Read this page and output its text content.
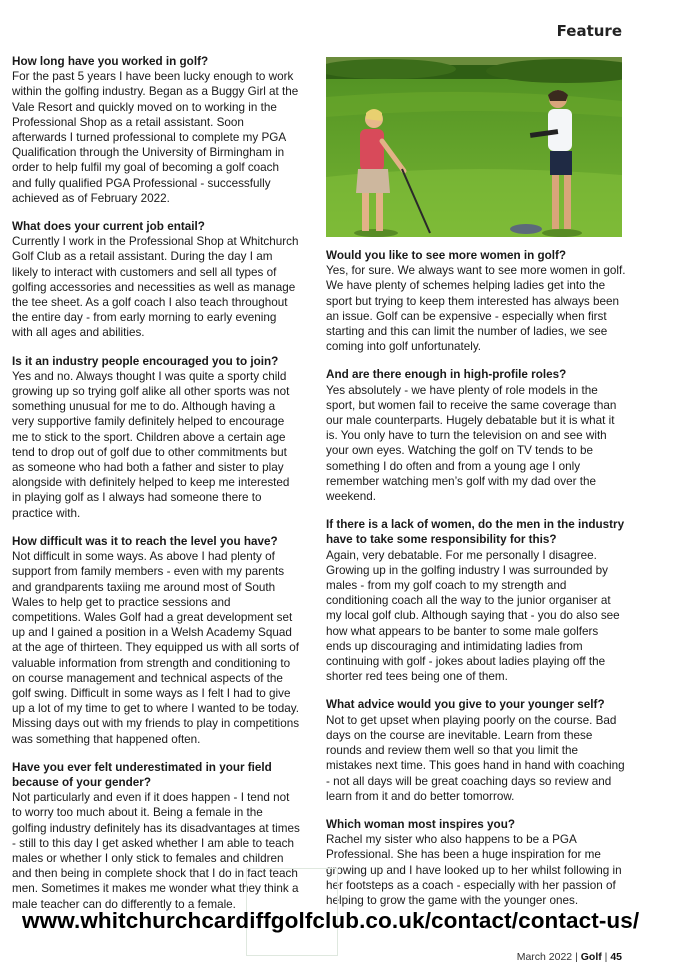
Feature

How long have you worked in golf?

For the past 5 years I have been lucky enough to work within the golfing industry. Began as a Buggy Girl at the Vale Resort and quickly moved on to working in the Professional Shop as a retail assistant. Soon afterwards I turned professional to complete my PGA Qualification through the University of Birmingham in order to help fulfil my goal of becoming a golf coach and fully qualified PGA Professional - successfully achieved as of February 2022.

What does your current job entail?

Currently I work in the Professional Shop at Whitchurch Golf Club as a retail assistant. During the day I am likely to interact with customers and sell all types of golfing accessories and necessities as well as manage the tee sheet. As a golf coach I also teach throughout the entire day - from early morning to early evening with all ages and abilities.

Is it an industry people encouraged you to join?

Yes and no. Always thought I was quite a sporty child growing up so trying golf alike all other sports was not something unusual for me to do. Although having a very supportive family definitely helped to encourage me to stick to the sport. Children above a certain age tend to drop out of golf due to other commitments but as someone who had both a father and sister to play alongside with definitely helped to keep me interested in playing golf as I always had someone there to practice with.

How difficult was it to reach the level you have?

Not difficult in some ways. As above I had plenty of support from family members - even with my parents and grandparents taxiing me around most of South Wales to help get to practice sessions and competitions. Wales Golf had a great development set up and I gained a position in a Welsh Academy Squad at the age of thirteen. They equipped us with all sorts of valuable information from strength and conditioning to on course management and technical aspects of the golf swing. Difficult in some ways as I felt I had to give up a lot of my time to get to where I wanted to be today. Missing days out with my friends to play in competitions was something that happened often.

Have you ever felt underestimated in your field because of your gender?

Not particularly and even if it does happen - I tend not to worry too much about it. Being a female in the golfing industry definitely has its disadvantages at times - still to this day I get asked whether I am able to teach males or whether I only stick to females and children and then being in complete shock that I do in fact teach men. Sometimes it makes me wonder what they think a male teacher can do differently to a female.

Would you like to see more women in golf?

Yes, for sure. We always want to see more women in golf. We have plenty of schemes helping ladies get into the sport but trying to keep them interested has always been an issue. Golf can be expensive - especially when first starting and this can limit the number of ladies, we see coming into golf unfortunately.

And are there enough in high-profile roles?

Yes absolutely - we have plenty of role models in the sport, but women fail to receive the same coverage than our male counterparts. Hugely debatable but it is what it is. You only have to turn the television on and see with your own eyes. Watching the golf on TV tends to be something I do often and from a young age I only remember watching men’s golf with my dad over the weekend.

If there is a lack of women, do the men in the industry have to take some responsibility for this?

Again, very debatable. For me personally I disagree. Growing up in the golfing industry I was surrounded by males - from my golf coach to my strength and conditioning coach all the way to the junior organiser at my local golf club. Although saying that - you do also see how what appears to be banter to some male golfers ends up discouraging and intimidating ladies from continuing with golf - jokes about ladies playing off the shorter red tees being one of them.

What advice would you give to your younger self?

Not to get upset when playing poorly on the course. Bad days on the course are inevitable. Learn from these rounds and review them well so that you limit the mistakes next time. This goes hand in hand with coaching - not all days will be great coaching days so review and learn from it and do better tomorrow.

Which woman most inspires you?

Rachel my sister who also happens to be a PGA Professional. She has been a huge inspiration for me growing up and I have looked up to her whilst following in her footsteps as a coach - especially with her passion of helping to grow the game with the younger ones.

www.whitchurchcardiffgolfclub.co.uk/contact/contact-us/
March 2022 | Golf | 45
